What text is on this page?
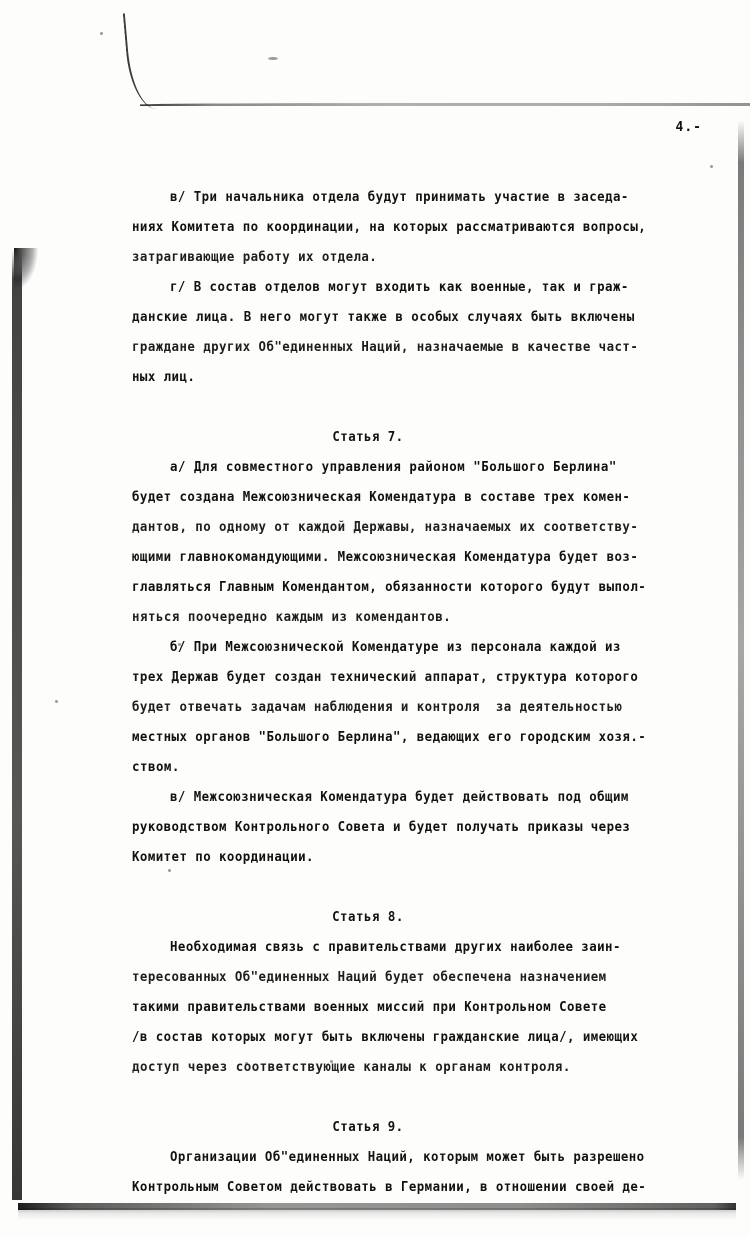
4.-
в/ Три начальника отдела будут принимать участие в заседа-
ниях Комитета по координации, на которых рассматриваются вопросы,
затрагивающие работу их отдела.
г/ В состав отделов могут входить как военные, так и граж-
данские лица. В него могут также в особых случаях быть включены
граждане других Об"единенных Наций, назначаемые в качестве част-
ных лиц.

Статья 7.
а/ Для совместного управления районом "Большого Берлина"
будет создана Межсоюзническая Комендатура в составе трех комен-
дантов, по одному от каждой Державы, назначаемых их соответству-
ющими главнокомандующими. Межсоюзническая Комендатура будет воз-
главляться Главным Комендантом, обязанности которого будут выпол-
няться поочередно каждым из комендантов.
б/ При Межсоюзнической Комендатуре из персонала каждой из
трех Держав будет создан технический аппарат, структура которого
будет отвечать задачам наблюдения и контроля  за деятельностью
местных органов "Большого Берлина", ведающих его городским хозя.-
ством.
в/ Межсоюзническая Комендатура будет действовать под общим
руководством Контрольного Совета и будет получать приказы через
Комитет по координации.

Статья 8.
Необходимая связь с правительствами других наиболее заин-
тересованных Об"единенных Наций будет обеспечена назначением
такими правительствами военных миссий при Контрольном Совете
/в состав которых могут быть включены гражданские лица/, имеющих
доступ через соответствующие каналы к органам контроля.

Статья 9.
Организации Об"единенных Наций, которым может быть разрешено
Контрольным Советом действовать в Германии, в отношении своей де-
